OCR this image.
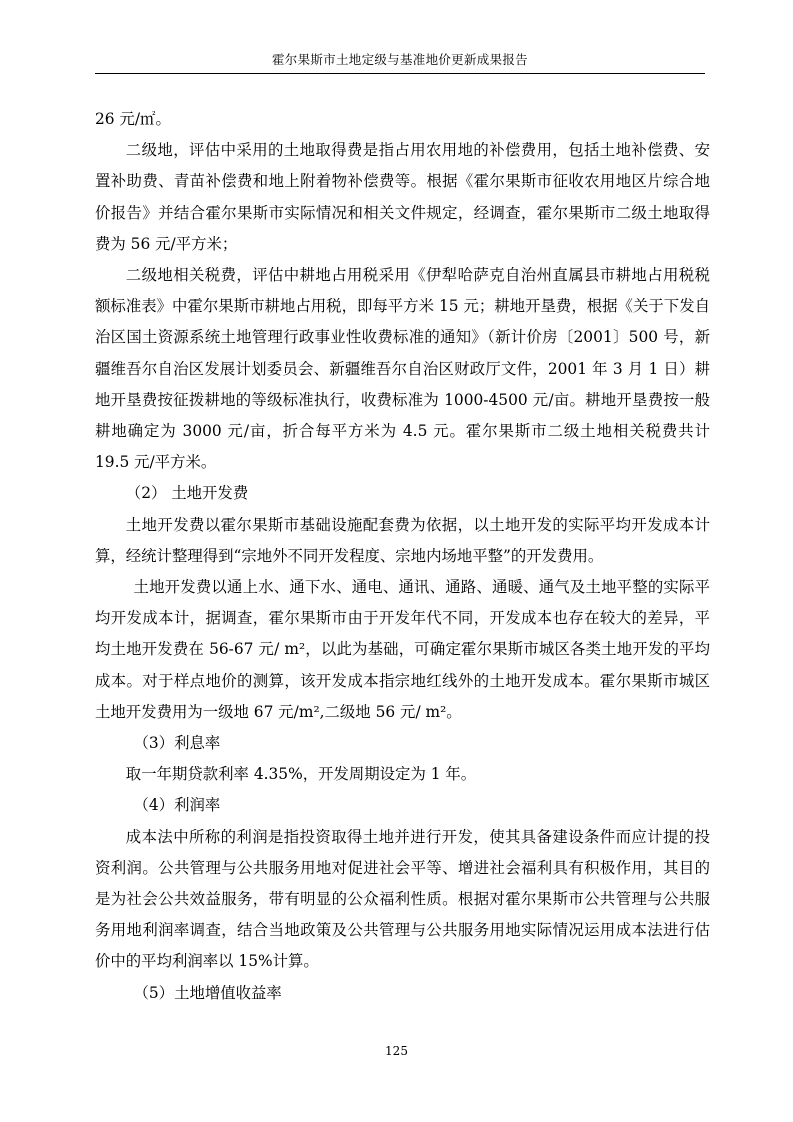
霍尔果斯市土地定级与基准地价更新成果报告

26 元/㎡。

二级地，评估中采用的土地取得费是指占用农用地的补偿费用，包括土地补偿费、安置补助费、青苗补偿费和地上附着物补偿费等。根据《霍尔果斯市征收农用地区片综合地价报告》并结合霍尔果斯市实际情况和相关文件规定，经调查，霍尔果斯市二级土地取得费为 56 元/平方米；

二级地相关税费，评估中耕地占用税采用《伊犁哈萨克自治州直属县市耕地占用税税额标准表》中霍尔果斯市耕地占用税，即每平方米 15 元；耕地开垦费，根据《关于下发自治区国土资源系统土地管理行政事业性收费标准的通知》（新计价房〔2001〕500 号，新疆维吾尔自治区发展计划委员会、新疆维吾尔自治区财政厅文件，2001 年 3 月 1 日）耕地开垦费按征拨耕地的等级标准执行，收费标准为 1000-4500 元/亩。耕地开垦费按一般耕地确定为 3000 元/亩，折合每平方米为 4.5 元。霍尔果斯市二级土地相关税费共计 19.5 元/平方米。

（2） 土地开发费

土地开发费以霍尔果斯市基础设施配套费为依据，以土地开发的实际平均开发成本计算，经统计整理得到“宗地外不同开发程度、宗地内场地平整”的开发费用。

土地开发费以通上水、通下水、通电、通讯、通路、通暖、通气及土地平整的实际平均开发成本计，据调查，霍尔果斯市由于开发年代不同，开发成本也存在较大的差异，平均土地开发费在 56-67 元/ m²，以此为基础，可确定霍尔果斯市城区各类土地开发的平均成本。对于样点地价的测算，该开发成本指宗地红线外的土地开发成本。霍尔果斯市城区土地开发费用为一级地 67 元/m²,二级地 56 元/ m²。

（3）利息率

取一年期贷款利率 4.35%，开发周期设定为 1 年。

（4）利润率

成本法中所称的利润是指投资取得土地并进行开发，使其具备建设条件而应计提的投资利润。公共管理与公共服务用地对促进社会平等、增进社会福利具有积极作用，其目的是为社会公共效益服务，带有明显的公众福利性质。根据对霍尔果斯市公共管理与公共服务用地利润率调查，结合当地政策及公共管理与公共服务用地实际情况运用成本法进行估价中的平均利润率以 15%计算。

（5）土地增值收益率

125
